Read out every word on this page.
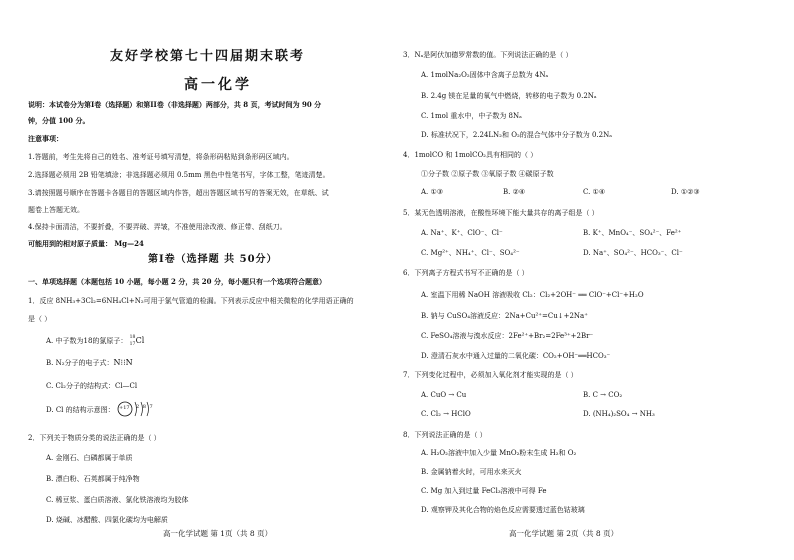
友好学校第七十四届期末联考
高一化学
说明：本试卷分为第Ⅰ卷（选择题）和第II卷（非选择题）两部分，共 8 页，考试时间为 90 分
钟，分值 100 分。
注意事项：
1.答题前，考生先将自己的姓名、准考证号填写清楚，将条形码粘贴到条形码区域内。
2.选择题必须用 2B 铅笔填涂；非选择题必须用 0.5mm 黑色中性笔书写，字体工整，笔迹清楚。
3.请按照题号顺序在答题卡各题目的答题区域内作答，超出答题区域书写的答案无效，在草纸、试
题卷上答题无效。
4.保持卡面清洁，不要折叠，不要弄破、弄皱，不准使用涂改液、修正带、刮纸刀。
可能用到的相对原子质量： Mg—24
第Ⅰ卷（选择题 共 50分）
一、单项选择题（本题包括 10 小题，每小题 2 分，共 20 分，每小题只有一个选项符合题意）
1．反应 8NH₃+3Cl₂=6NH₄Cl+N₂可用于氯气管道的检漏。下列表示反应中相关微粒的化学用语正确的
是（ ）
A. 中子数为18的氯原子： 18
17 Cl
B. N₂分子的电子式：N⁝⁝N
C. Cl₂分子的结构式：Cl—Cl
D. Cl 的结构示意图： +17 2 8 7
2．下列关于物质分类的说法正确的是（ ）
A. 金刚石、白磷都属于单质
B. 漂白粉、石英都属于纯净物
C. 稀豆浆、蛋白质溶液、氯化铁溶液均为胶体
D. 烧碱、冰醋酸、四氯化碳均为电解质
高一化学试题 第 1页（共 8 页）
3．Nₐ是阿伏加德罗常数的值。下列说法正确的是（ ）
A. 1molNa₂O₂固体中含离子总数为 4Nₐ
B. 2.4g 镁在足量的氧气中燃烧，转移的电子数为 0.2Nₐ
C. 1mol 重水中，中子数为 8Nₐ
D. 标准状况下，2.24LN₂和 O₂的混合气体中分子数为 0.2Nₐ
4．1molCO 和 1molCO₂具有相同的（ ）
①分子数 ②原子数 ③氧原子数 ④碳原子数
A. ①③	B. ②④	C. ①④	D. ①②③
5．某无色透明溶液，在酸性环境下能大量共存的离子组是（ ）
A. Na⁺、K⁺、ClO⁻、Cl⁻	B. K⁺、MnO₄⁻、SO₄²⁻、Fe²⁺
C. Mg²⁺、NH₄⁺、Cl⁻、SO₄²⁻	D. Na⁺、SO₄²⁻、HCO₃⁻、Cl⁻
6．下列离子方程式书写不正确的是（ ）
A. 室温下用稀 NaOH 溶液吸收 Cl₂：Cl₂+2OH⁻ ══ ClO⁻+Cl⁻+H₂O
B. 钠与 CuSO₄溶液反应：2Na+Cu²⁺=Cu↓+2Na⁺
C. FeSO₄溶液与溴水反应：2Fe²⁺+Br₂=2Fe³⁺+2Br⁻
D. 澄清石灰水中通入过量的二氧化碳：CO₂+OH⁻══HCO₃⁻
7．下列变化过程中，必须加入氧化剂才能实现的是（ ）
A. CuO → Cu	B. C → CO₂
C. Cl₂ → HClO	D. (NH₄)₂SO₄ → NH₃
8．下列说法正确的是（ ）
A. H₂O₂溶液中加入少量 MnO₂粉末生成 H₂和 O₂
B. 金属钠着火时，可用水来灭火
C. Mg 加入到过量 FeCl₃溶液中可得 Fe
D. 观察钾及其化合物的焰色反应需要透过蓝色钴玻璃
高一化学试题 第 2页（共 8 页）
